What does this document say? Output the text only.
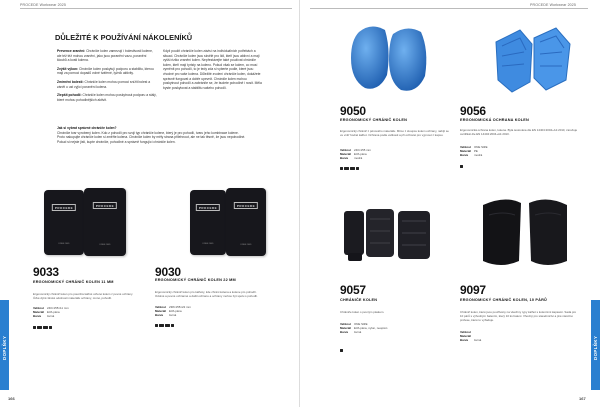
PROCEDE Workwear 2025
DŮLEŽITÉ K POUŽÍVÁNÍ NÁKOLENÍKŮ

Prevence zranění: Chrániče kolen zamezují í bolestivosti kolene, ale též též mohou zranění, jako jsou poranění vazu, poranění kloubů a kosti kolena.

Zvýšit výkon: Chrániče kolen poskytují podporu a stabilitu, kterou mají za pomoci dopadů volné tvářené, lyžník aktivity.

Zmírnění bolesti: Chrániče kolen mohou pomoci snížit bolest a zánět u ust vyjící poranění kolena.

Zlepšit pohodlí: Chrániče kolen mohou poskytnout podporu a stálý, které mohou pohodlnějších aktivit.

Když použít chrániče kolen závisí na individuálních potřebách a situaci. Chrániče kolen jsou skvělé pro lidi, kteří jsou aktivní a mají vyšší riziko zranění kolen. Nepřestávejte také používat chrániče kolen, kteří mají tyristy na koleno. Pokud však se kolem, co musí vyměnit pro pohodlí, to je tedy zda si vyberte podle, které jsou vhodné pro vaše kolena. Důležité zvolení chrániče kolen, dokážete správně fungovat a dobře upevnit. Chrániče kolen mohou poskytnout pohodlí a zabráníte se, že budete pohodlně i nosit. Měla byste poskytovat a stabilitu vašeho pohodlí.

Jak si vybrat správné chrániče kolen?
Chrániče tvar vyrobený kolen. Kdo z pohodlí pro svoji typ chrániče kolene, který je pro pohodlí, tvaru jeho kombinace kolene. Proto nakupujte chrániče kolen si změřte kolena. Chrániče kolen by měly strana přilehnout, ale ne tak těsně, že jsou nepohodlné. Pokud si nejste jisti, kupte chrániče, pohodlné a správně fungující chrániče kolen.
PROCEDE
KNEE PAD
PROCEDE
KNEE PAD
PROCEDE
KNEE PAD
PROCEDE
KNEE PAD
9033
ERGONOMICKÝ CHRÁNIČ KOLEN 11 MM
Ergonomický chránič kolen pro pouzdra kalhot určené kolem z pevné ochrany. Úzké dýně široké odolnosti materiálu ochrany, rovné, pohodlí.
Velikost 240×155×11 mm
Materiál EVA pěna
Barva černá
9030
ERGONOMICKÝ CHRÁNIČ KOLEN 22 MM
Ergonomický chránič kolen pro kalhoty, kde chrání kolena a kolene pro pohodlí. Odolné a pevné ochranné a další ochranu a ochrany mohou být spolu s pohodlí.
Velikost 238×155×22 mm
Materiál EVA pěna
Barva černá
DOPLŇKY
166
PROCEDE Workwear 2025
9050
ERGONOMICKÝ CHRÁNIČ KOLEN
Ergonomický chránič z pěnového materiálu. Mimo z sloupce kolem ochrany, nabíjí se ve vnitř hodně kalhot. Ochrana podle velikosti a při ochraně pro vyjmout z kapsu.
Velikost 240×155 mm
Materiál EVA pěna
Barva modrá
9056
ERGONOMICKÁ OCHRANA KOLEN
Ergonomická ochrana kolen, kolena. Byla testována dle EN 14404:2004+A1:2010, zaručuje certifikát dle EN 14404:2004+A1:2010.
Velikost ONE SIZE
Materiál PE
Barva modrá
9057
CHRÁNIČE KOLEN
Chrániče kolen s pevným páskem.
Velikost ONE SIZE
Materiál EVA pěna, nylon, neoprén
Barva černá
9097
ERGONOMICKÝ CHRÁNIČ KOLEN, 10 PÁRŮ
Chránič kolen, které jsou používány na všechny typy kalhot s kolenními kapsami. Sada pro 10 párů s výhodným balením, který 10 ks balení. Vhodný pro stavebnictví a jiné náročné profese, které to vyžaduje.
Velikost
Materiál
Barva černá	DOPLŇKY
167
